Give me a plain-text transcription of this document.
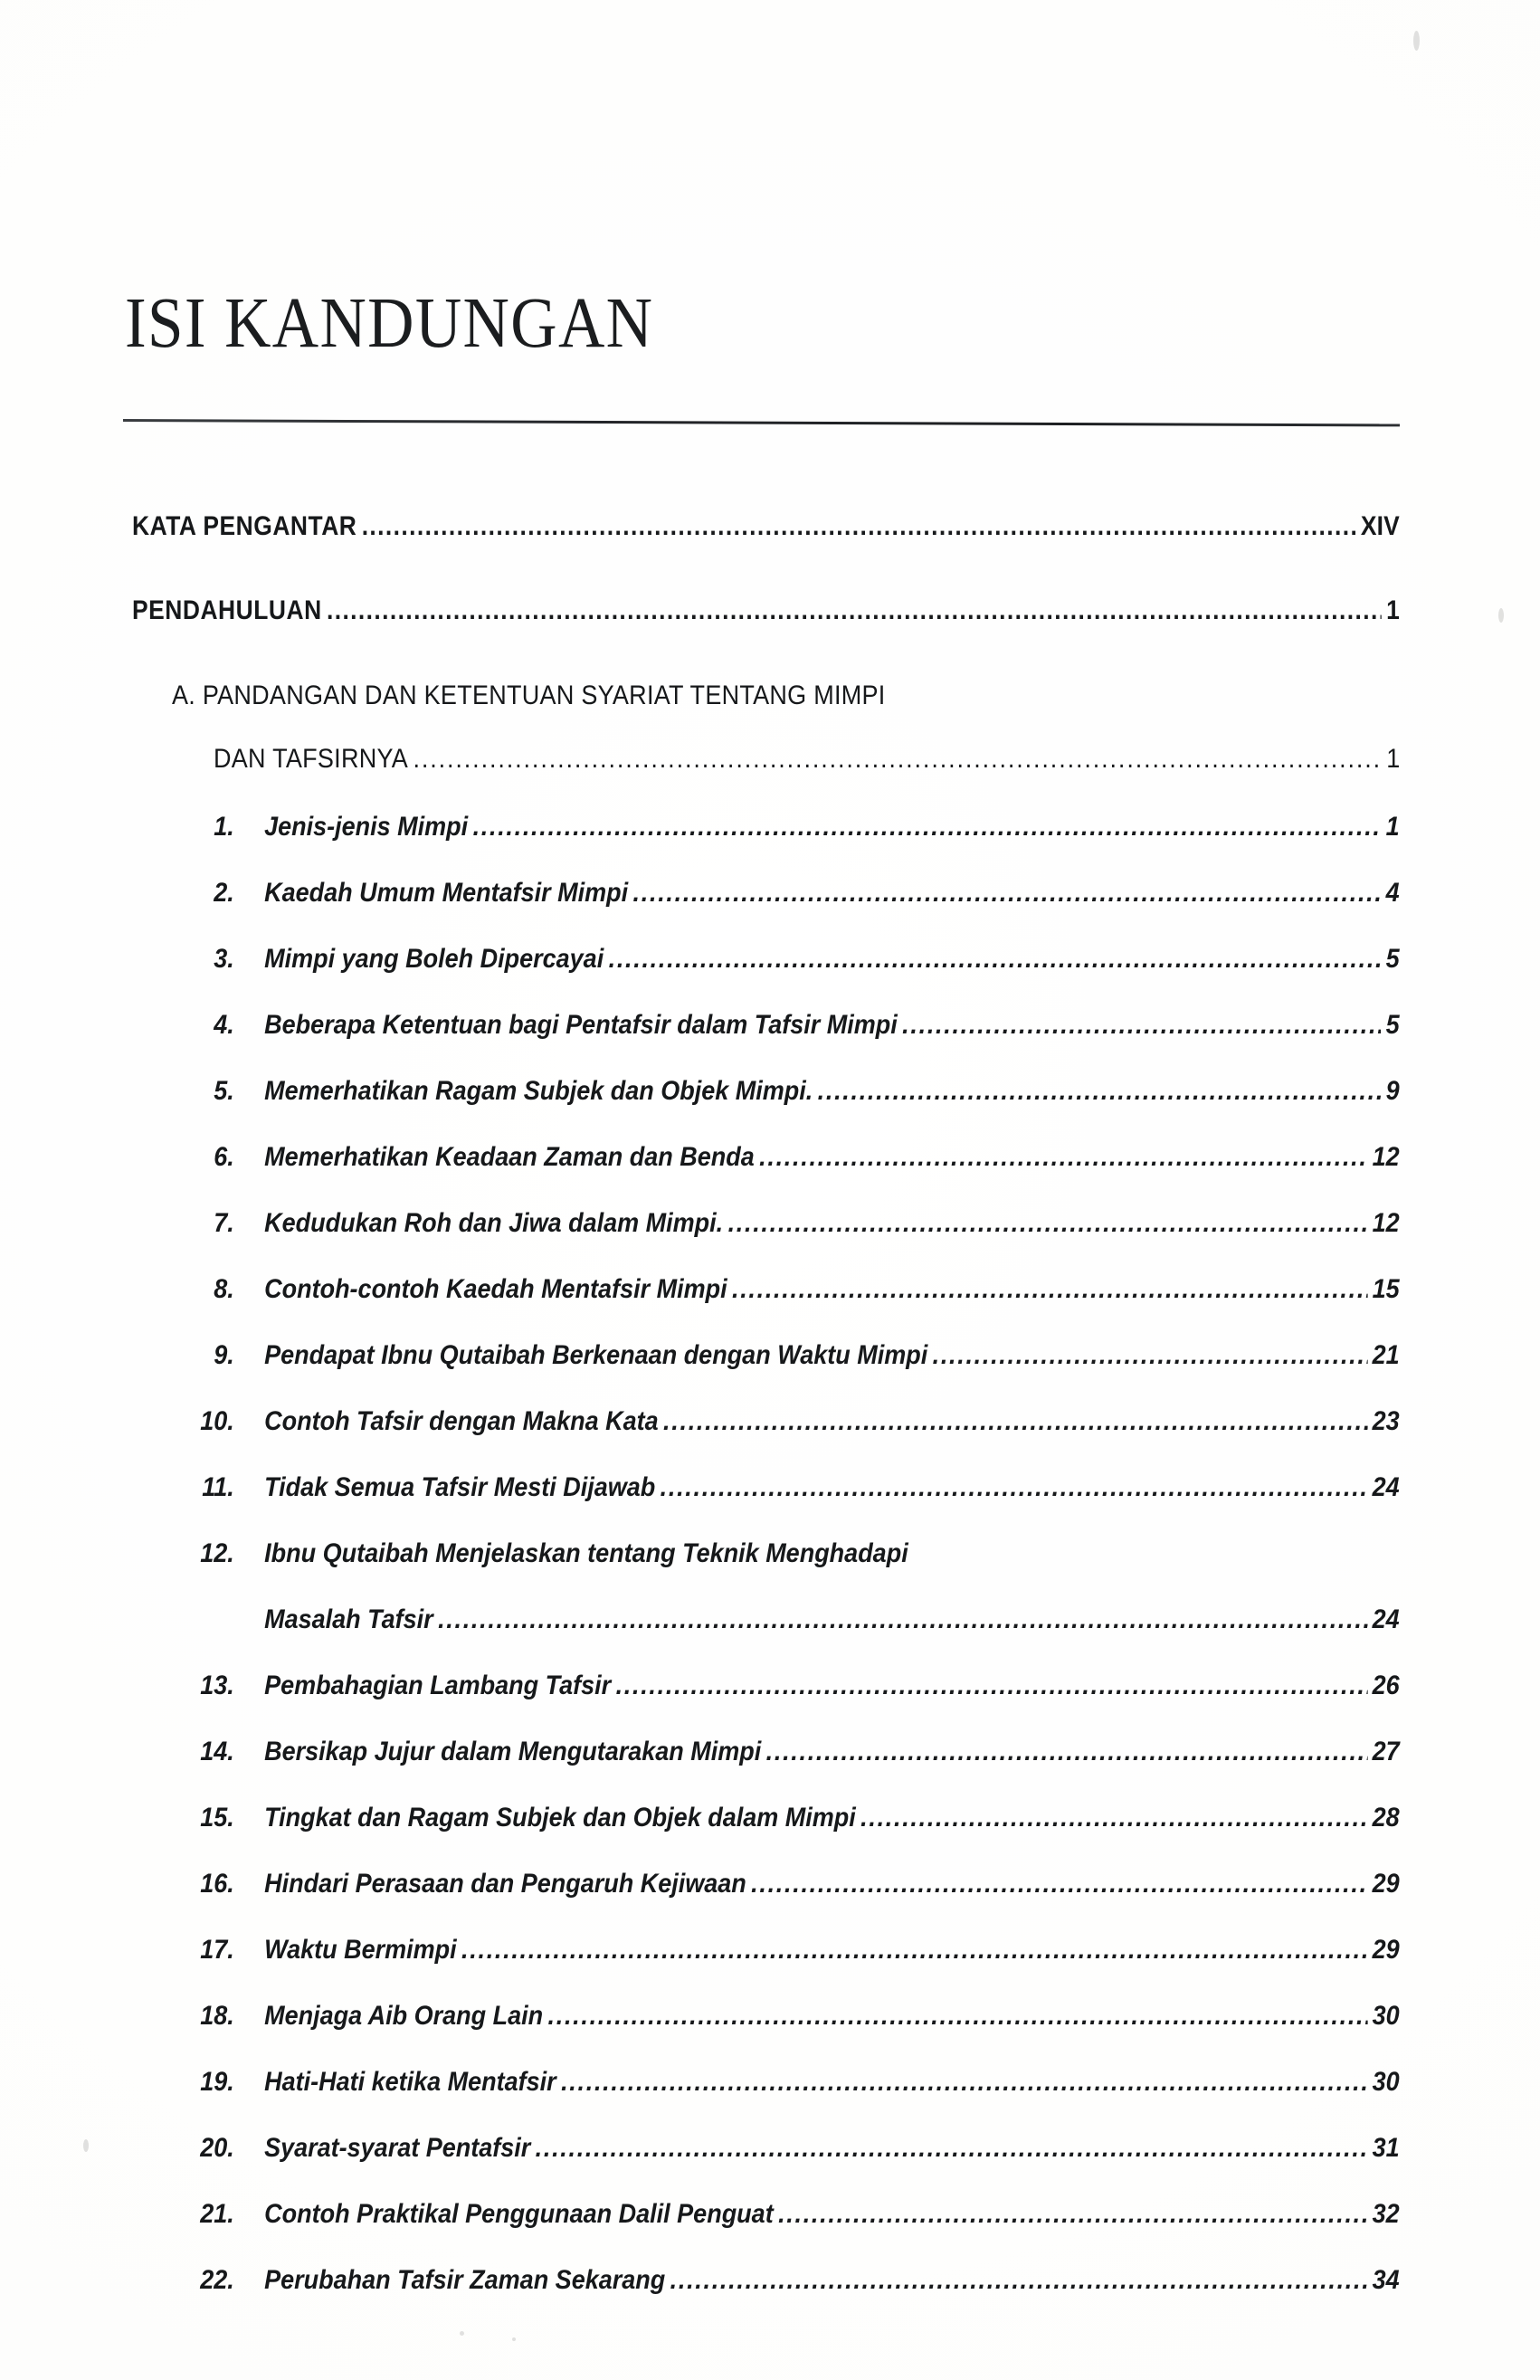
ISI KANDUNGAN
KATA PENGANTAR .....	XIV
PENDAHULUAN .....	1
A. PANDANGAN DAN KETENTUAN SYARIAT TENTANG MIMPI
DAN TAFSIRNYA .....	1
1.	Jenis-jenis Mimpi .....	1
2.	Kaedah Umum Mentafsir Mimpi .....	4
3.	Mimpi yang Boleh Dipercayai .....	5
4.	Beberapa Ketentuan bagi Pentafsir dalam Tafsir Mimpi .....	5
5.	Memerhatikan Ragam Subjek dan Objek Mimpi. .....	9
6.	Memerhatikan Keadaan Zaman dan Benda .....	12
7.	Kedudukan Roh dan Jiwa dalam Mimpi. .....	12
8.	Contoh-contoh Kaedah Mentafsir Mimpi .....	15
9.	Pendapat Ibnu Qutaibah Berkenaan dengan Waktu Mimpi .....	21
10.	Contoh Tafsir dengan Makna Kata .....	23
11.	Tidak Semua Tafsir Mesti Dijawab .....	24
12.	Ibnu Qutaibah Menjelaskan tentang Teknik Menghadapi
Masalah Tafsir .....	24
13.	Pembahagian Lambang Tafsir .....	26
14.	Bersikap Jujur dalam Mengutarakan Mimpi .....	27
15.	Tingkat dan Ragam Subjek dan Objek dalam Mimpi .....	28
16.	Hindari Perasaan dan Pengaruh Kejiwaan .....	29
17.	Waktu Bermimpi .....	29
18.	Menjaga Aib Orang Lain .....	30
19.	Hati-Hati ketika Mentafsir .....	30
20.	Syarat-syarat Pentafsir .....	31
21.	Contoh Praktikal Penggunaan Dalil Penguat .....	32
22.	Perubahan Tafsir Zaman Sekarang .....	34
